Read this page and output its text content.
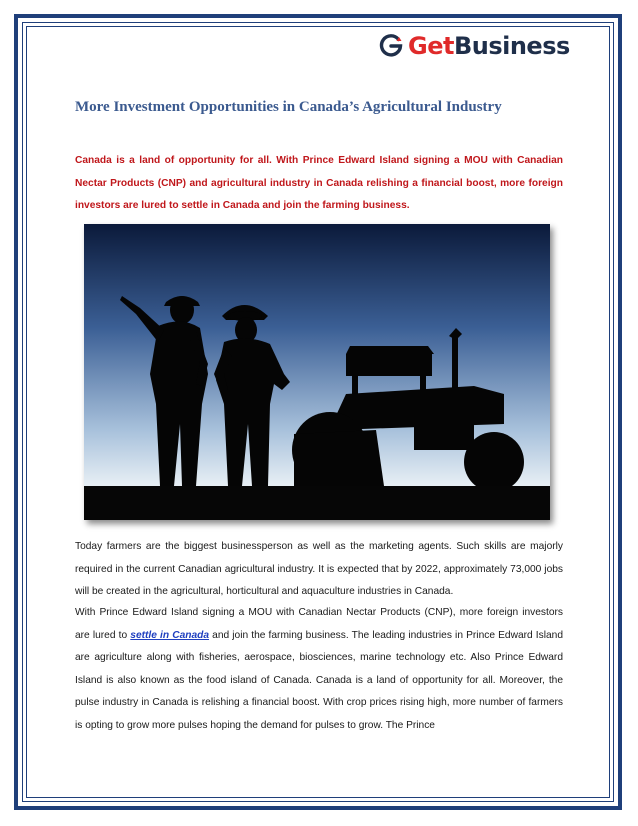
GetBusiness
More Investment Opportunities in Canada’s Agricultural Industry

Canada is a land of opportunity for all. With Prince Edward Island signing a MOU with Canadian Nectar Products (CNP) and agricultural industry in Canada relishing a financial boost, more foreign investors are lured to settle in Canada and join the farming business.

Today farmers are the biggest businessperson as well as the marketing agents. Such skills are majorly required in the current Canadian agricultural industry. It is expected that by 2022, approximately 73,000 jobs will be created in the agricultural, horticultural and aquaculture industries in Canada.

With Prince Edward Island signing a MOU with Canadian Nectar Products (CNP), more foreign investors are lured to settle in Canada and join the farming business. The leading industries in Prince Edward Island are agriculture along with fisheries, aerospace, biosciences, marine technology etc. Also Prince Edward Island is also known as the food island of Canada. Canada is a land of opportunity for all. Moreover, the pulse industry in Canada is relishing a financial boost. With crop prices rising high, more number of farmers is opting to grow more pulses hoping the demand for pulses to grow. The Prince
